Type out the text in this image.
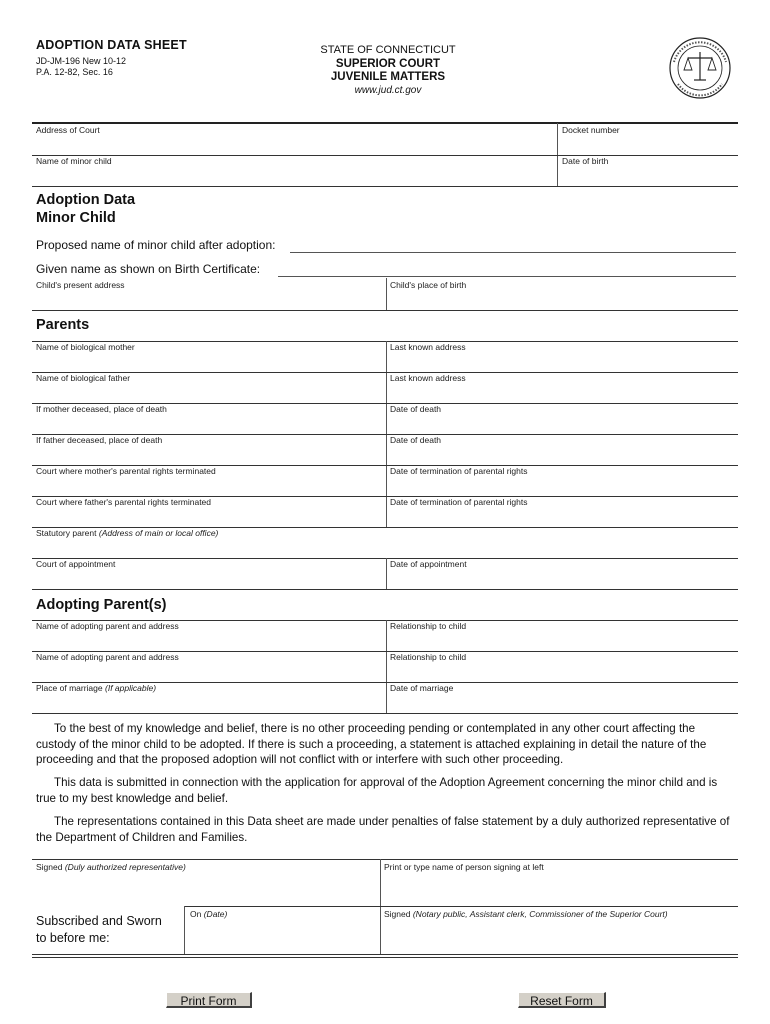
ADOPTION DATA SHEET
JD-JM-196 New 10-12
P.A. 12-82, Sec. 16
STATE OF CONNECTICUT
SUPERIOR COURT
JUVENILE MATTERS
www.jud.ct.gov
Address of Court	Docket number
Name of minor child	Date of birth
Adoption Data
Minor Child
Proposed name of minor child after adoption:
Given name as shown on Birth Certificate:
Child's present address	Child's place of birth
Parents
Name of biological mother	Last known address
Name of biological father	Last known address
If mother deceased, place of death	Date of death
If father deceased, place of death	Date of death
Court where mother's parental rights terminated	Date of termination of parental rights
Court where father's parental rights terminated	Date of termination of parental rights
Statutory parent (Address of main or local office)
Court of appointment	Date of appointment
Adopting Parent(s)
Name of adopting parent and address	Relationship to child
Name of adopting parent and address	Relationship to child
Place of marriage (If applicable)	Date of marriage
To the best of my knowledge and belief, there is no other proceeding pending or contemplated in any other court affecting the custody of the minor child to be adopted. If there is such a proceeding, a statement is attached explaining in detail the nature of the proceeding and that the proposed adoption will not conflict with or interfere with such other proceeding.
This data is submitted in connection with the application for approval of the Adoption Agreement concerning the minor child and is true to my best knowledge and belief.
The representations contained in this Data sheet are made under penalties of false statement by a duly authorized representative of the Department of Children and Families.
Signed (Duly authorized representative)	Print or type name of person signing at left
Subscribed and Sworn
to before me:
On (Date)	Signed (Notary public, Assistant clerk, Commissioner of the Superior Court)
Print Form	Reset Form
